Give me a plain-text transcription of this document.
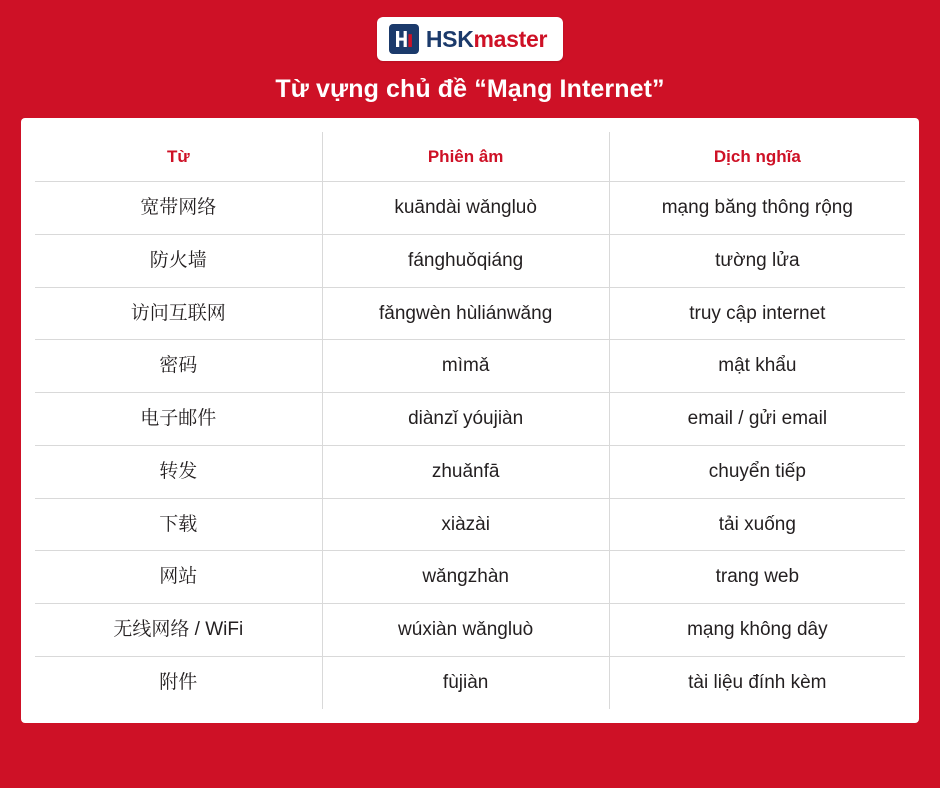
HSKmaster
Từ vựng chủ đề “Mạng Internet”
Từ	Phiên âm	Dịch nghĩa
宽带网络	kuāndài wǎngluò	mạng băng thông rộng
防火墙	fánghuǒqiáng	tường lửa
访问互联网	fǎngwèn hùliánwǎng	truy cập internet
密码	mìmǎ	mật khẩu
电子邮件	diànzǐ yóujiàn	email / gửi email
转发	zhuǎnfā	chuyển tiếp
下载	xiàzài	tải xuống
网站	wǎngzhàn	trang web
无线网络 / WiFi	wúxiàn wǎngluò	mạng không dây
附件	fùjiàn	tài liệu đính kèm
